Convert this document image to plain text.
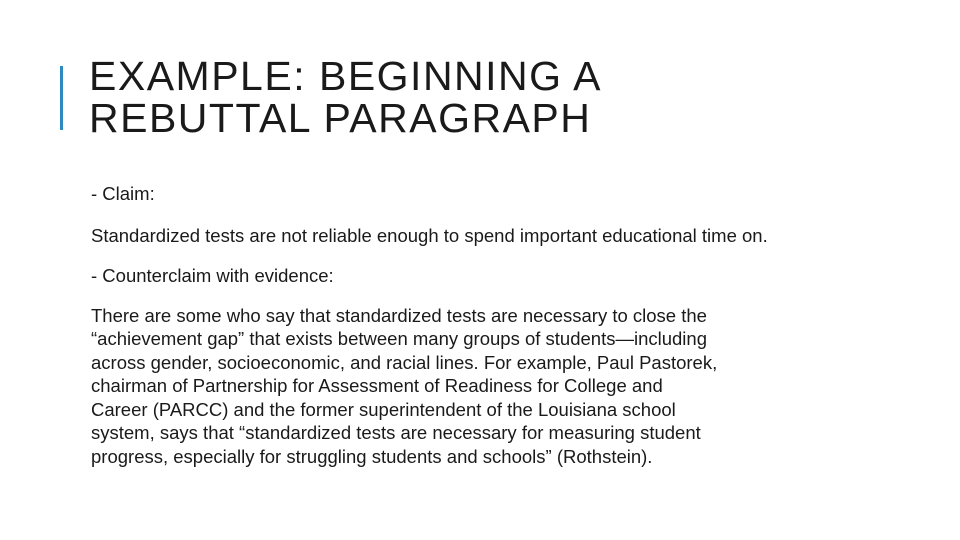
EXAMPLE: BEGINNING A
REBUTTAL PARAGRAPH

- Claim:

Standardized tests are not reliable enough to spend important educational time on.

- Counterclaim with evidence:

There are some who say that standardized tests are necessary to close the
“achievement gap” that exists between many groups of students—including
across gender, socioeconomic, and racial lines. For example, Paul Pastorek,
chairman of Partnership for Assessment of Readiness for College and
Career (PARCC) and the former superintendent of the Louisiana school
system, says that “standardized tests are necessary for measuring student
progress, especially for struggling students and schools” (Rothstein).
